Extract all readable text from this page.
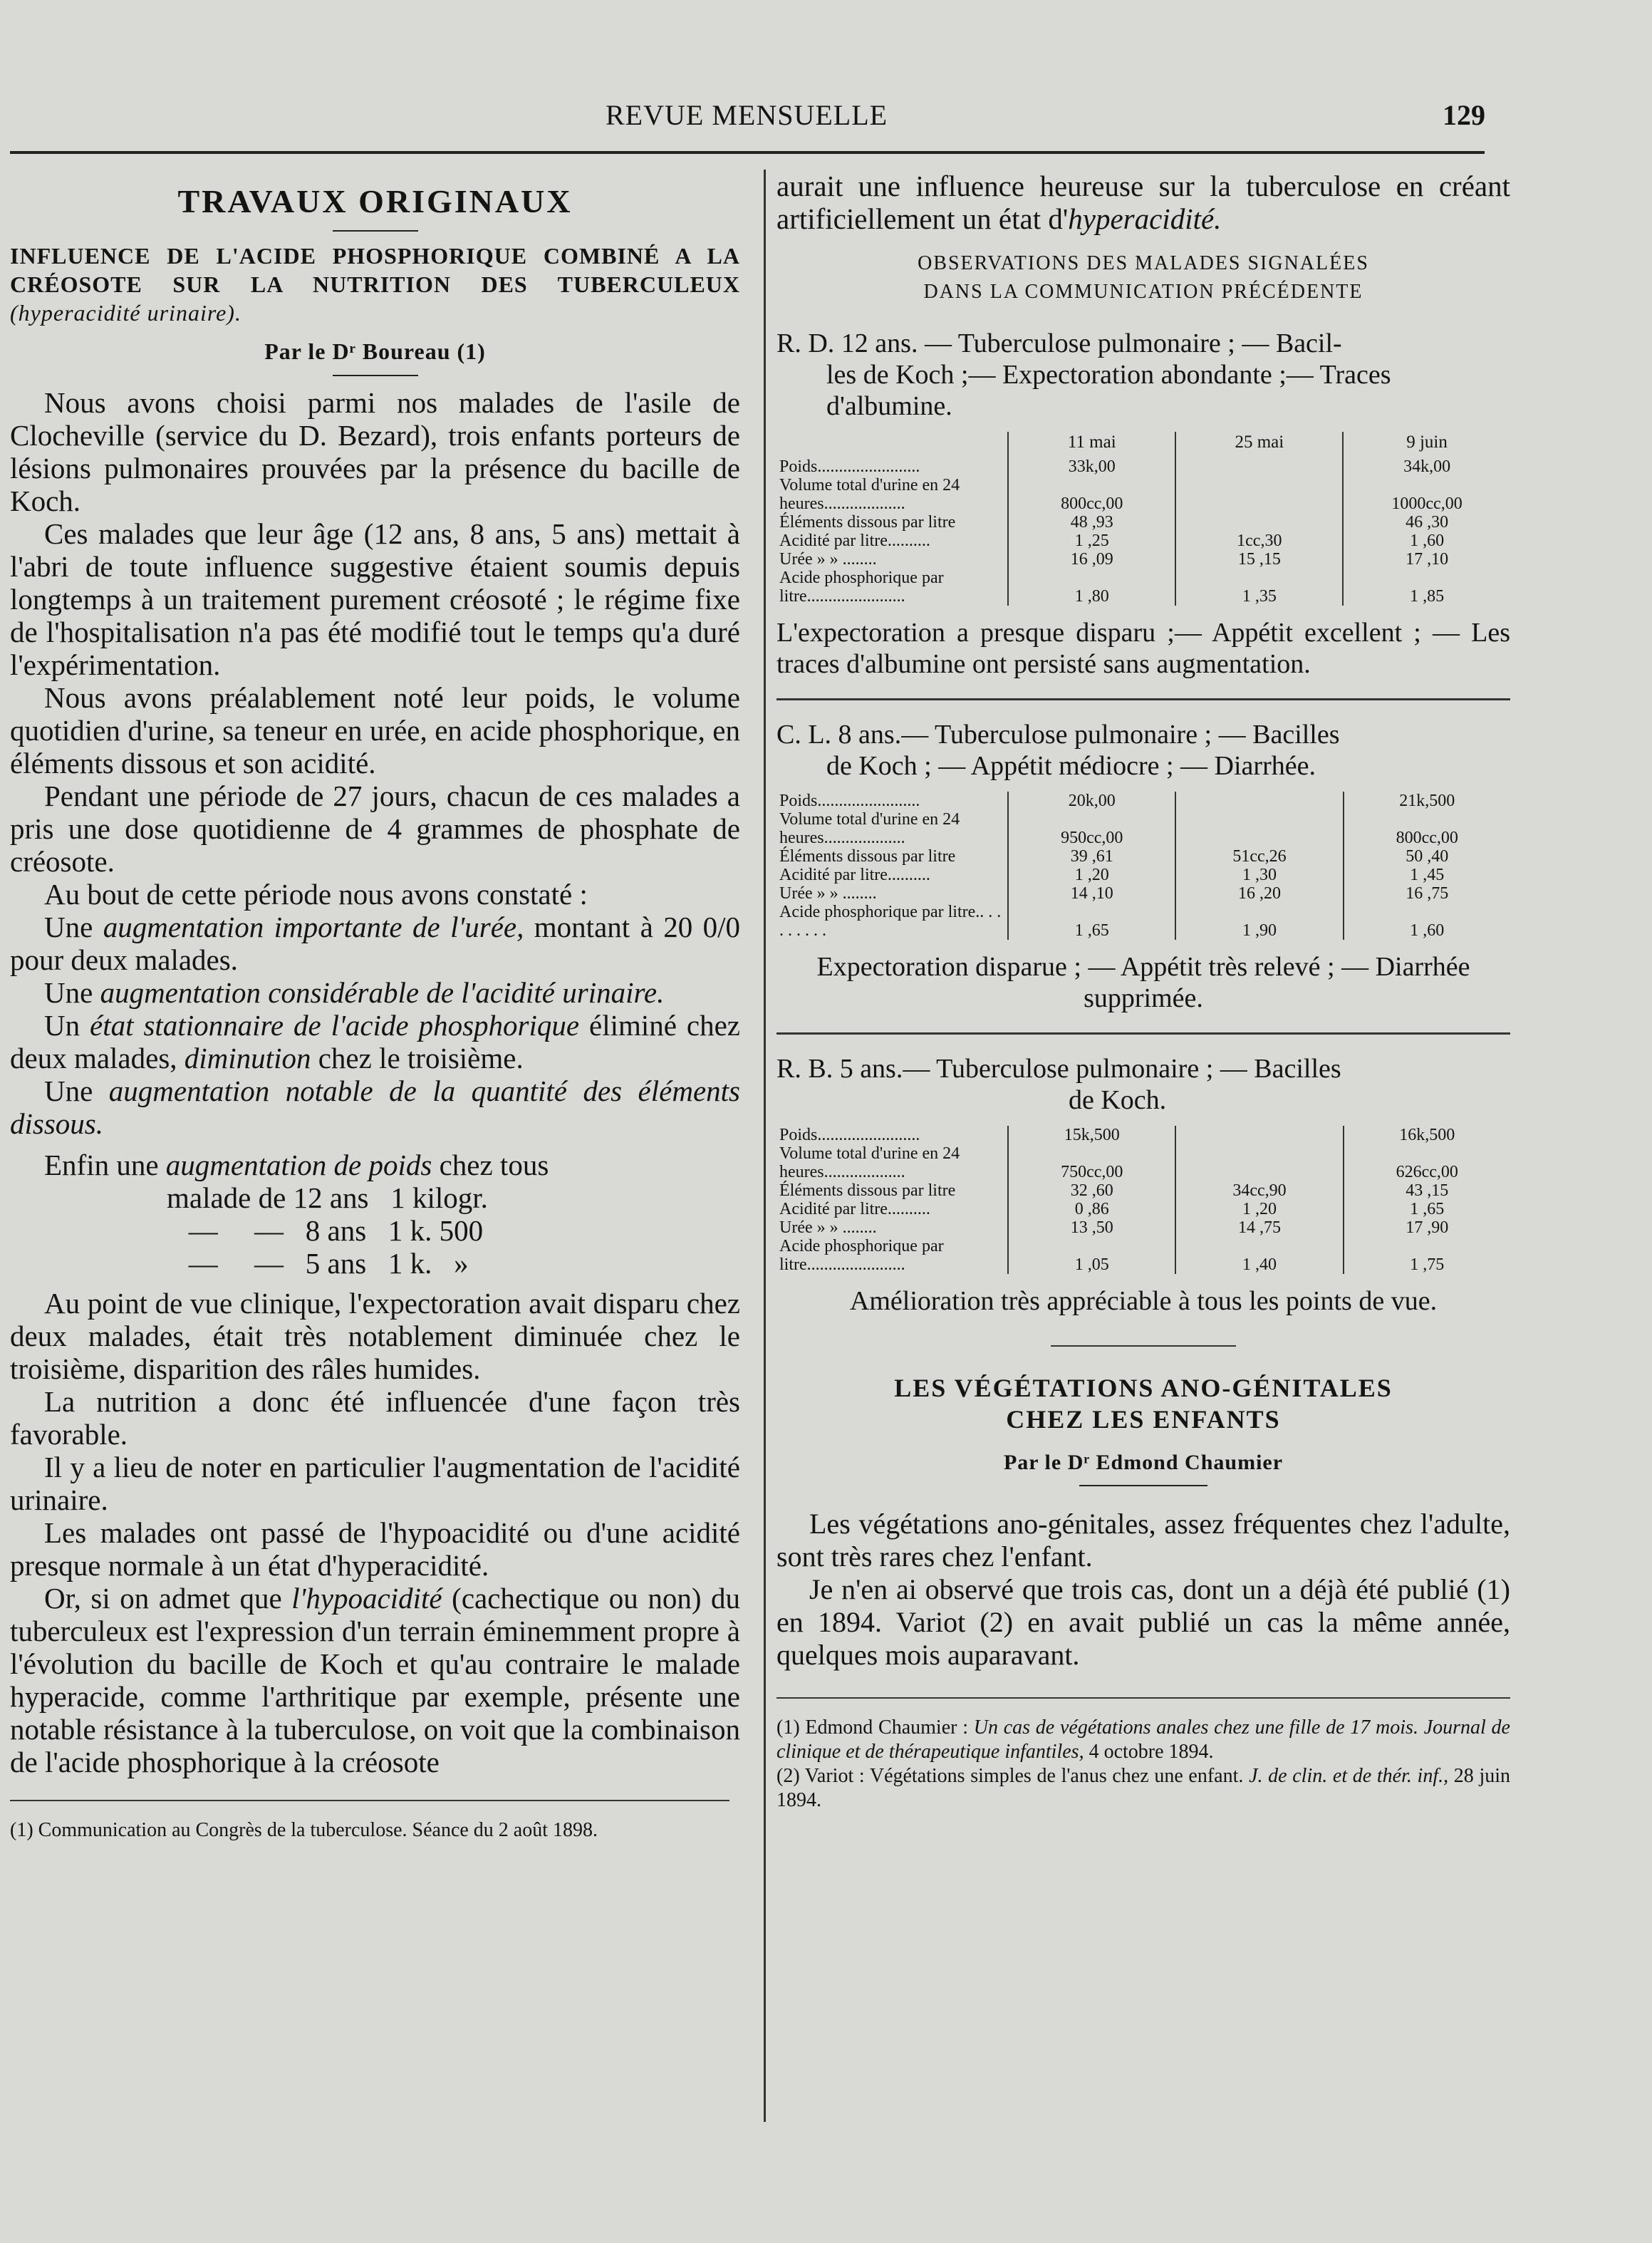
REVUE MENSUELLE	129
TRAVAUX ORIGINAUX
INFLUENCE DE L'ACIDE PHOSPHORIQUE COMBINÉ A LA CRÉOSOTE SUR LA NUTRITION DES TUBERCULEUX (hyperacidité urinaire).
Par le Dʳ Boureau (1)

Nous avons choisi parmi nos malades de l'asile de Clocheville (service du D. Bezard), trois enfants porteurs de lésions pulmonaires prouvées par la présence du bacille de Koch.

Ces malades que leur âge (12 ans, 8 ans, 5 ans) mettait à l'abri de toute influence suggestive étaient soumis depuis longtemps à un traitement purement créosoté ; le régime fixe de l'hospitalisation n'a pas été modifié tout le temps qu'a duré l'expérimentation.

Nous avons préalablement noté leur poids, le volume quotidien d'urine, sa teneur en urée, en acide phosphorique, en éléments dissous et son acidité.

Pendant une période de 27 jours, chacun de ces malades a pris une dose quotidienne de 4 grammes de phosphate de créosote.

Au bout de cette période nous avons constaté :

Une augmentation importante de l'urée, montant à 20 0/0 pour deux malades.

Une augmentation considérable de l'acidité urinaire.

Un état stationnaire de l'acide phosphorique éliminé chez deux malades, diminution chez le troisième.

Une augmentation notable de la quantité des éléments dissous.

Enfin une augmentation de poids chez tous

malade de 12 ans   1 kilogr.
—     —   8 ans   1 k. 500
—     —   5 ans   1 k.   »

Au point de vue clinique, l'expectoration avait disparu chez deux malades, était très notablement diminuée chez le troisième, disparition des râles humides.

La nutrition a donc été influencée d'une façon très favorable.

Il y a lieu de noter en particulier l'augmentation de l'acidité urinaire.

Les malades ont passé de l'hypoacidité ou d'une acidité presque normale à un état d'hyperacidité.

Or, si on admet que l'hypoacidité (cachectique ou non) du tuberculeux est l'expression d'un terrain éminemment propre à l'évolution du bacille de Koch et qu'au contraire le malade hyperacide, comme l'arthritique par exemple, présente une notable résistance à la tuberculose, on voit que la combinaison de l'acide phosphorique à la créosote

(1) Communication au Congrès de la tuberculose. Séance du 2 août 1898.

aurait une influence heureuse sur la tuberculose en créant artificiellement un état d'hyperacidité.

OBSERVATIONS DES MALADES SIGNALÉES
DANS LA COMMUNICATION PRÉCÉDENTE
R. D. 12 ans. — Tuberculose pulmonaire ; — Bacil-
les de Koch ;— Expectoration abondante ;— Traces d'albumine.
	11 mai	25 mai	9 juin
Poids........................	33k,00		34k,00
Volume total d'urine en 24 heures...................	800cc,00		1000cc,00
Éléments dissous par litre	48 ,93		46 ,30
Acidité par litre..........	1 ,25	1cc,30	1 ,60
Urée » » ........	16 ,09	15 ,15	17 ,10
Acide phosphorique par litre.......................	1 ,80	1 ,35	1 ,85
L'expectoration a presque disparu ;— Appétit excellent ; — Les traces d'albumine ont persisté sans augmentation.
C. L. 8 ans.— Tuberculose pulmonaire ; — Bacilles
de Koch ; — Appétit médiocre ; — Diarrhée.
Poids........................	20k,00		21k,500
Volume total d'urine en 24 heures...................	950cc,00		800cc,00
Éléments dissous par litre	39 ,61	51cc,26	50 ,40
Acidité par litre..........	1 ,20	1 ,30	1 ,45
Urée » » ........	14 ,10	16 ,20	16 ,75
Acide phosphorique par litre.. . . . . . . . .	1 ,65	1 ,90	1 ,60
Expectoration disparue ; — Appétit très relevé ; — Diarrhée supprimée.
R. B. 5 ans.— Tuberculose pulmonaire ; — Bacilles
de Koch.
Poids........................	15k,500		16k,500
Volume total d'urine en 24 heures...................	750cc,00		626cc,00
Éléments dissous par litre	32 ,60	34cc,90	43 ,15
Acidité par litre..........	0 ,86	1 ,20	1 ,65
Urée » » ........	13 ,50	14 ,75	17 ,90
Acide phosphorique par litre.......................	1 ,05	1 ,40	1 ,75
Amélioration très appréciable à tous les points de vue.
LES VÉGÉTATIONS ANO-GÉNITALES
CHEZ LES ENFANTS
Par le Dʳ Edmond Chaumier

Les végétations ano-génitales, assez fréquentes chez l'adulte, sont très rares chez l'enfant.

Je n'en ai observé que trois cas, dont un a déjà été publié (1) en 1894. Variot (2) en avait publié un cas la même année, quelques mois auparavant.

(1) Edmond Chaumier : Un cas de végétations anales chez une fille de 17 mois. Journal de clinique et de thérapeutique infantiles, 4 octobre 1894.
(2) Variot : Végétations simples de l'anus chez une enfant. J. de clin. et de thér. inf., 28 juin 1894.
